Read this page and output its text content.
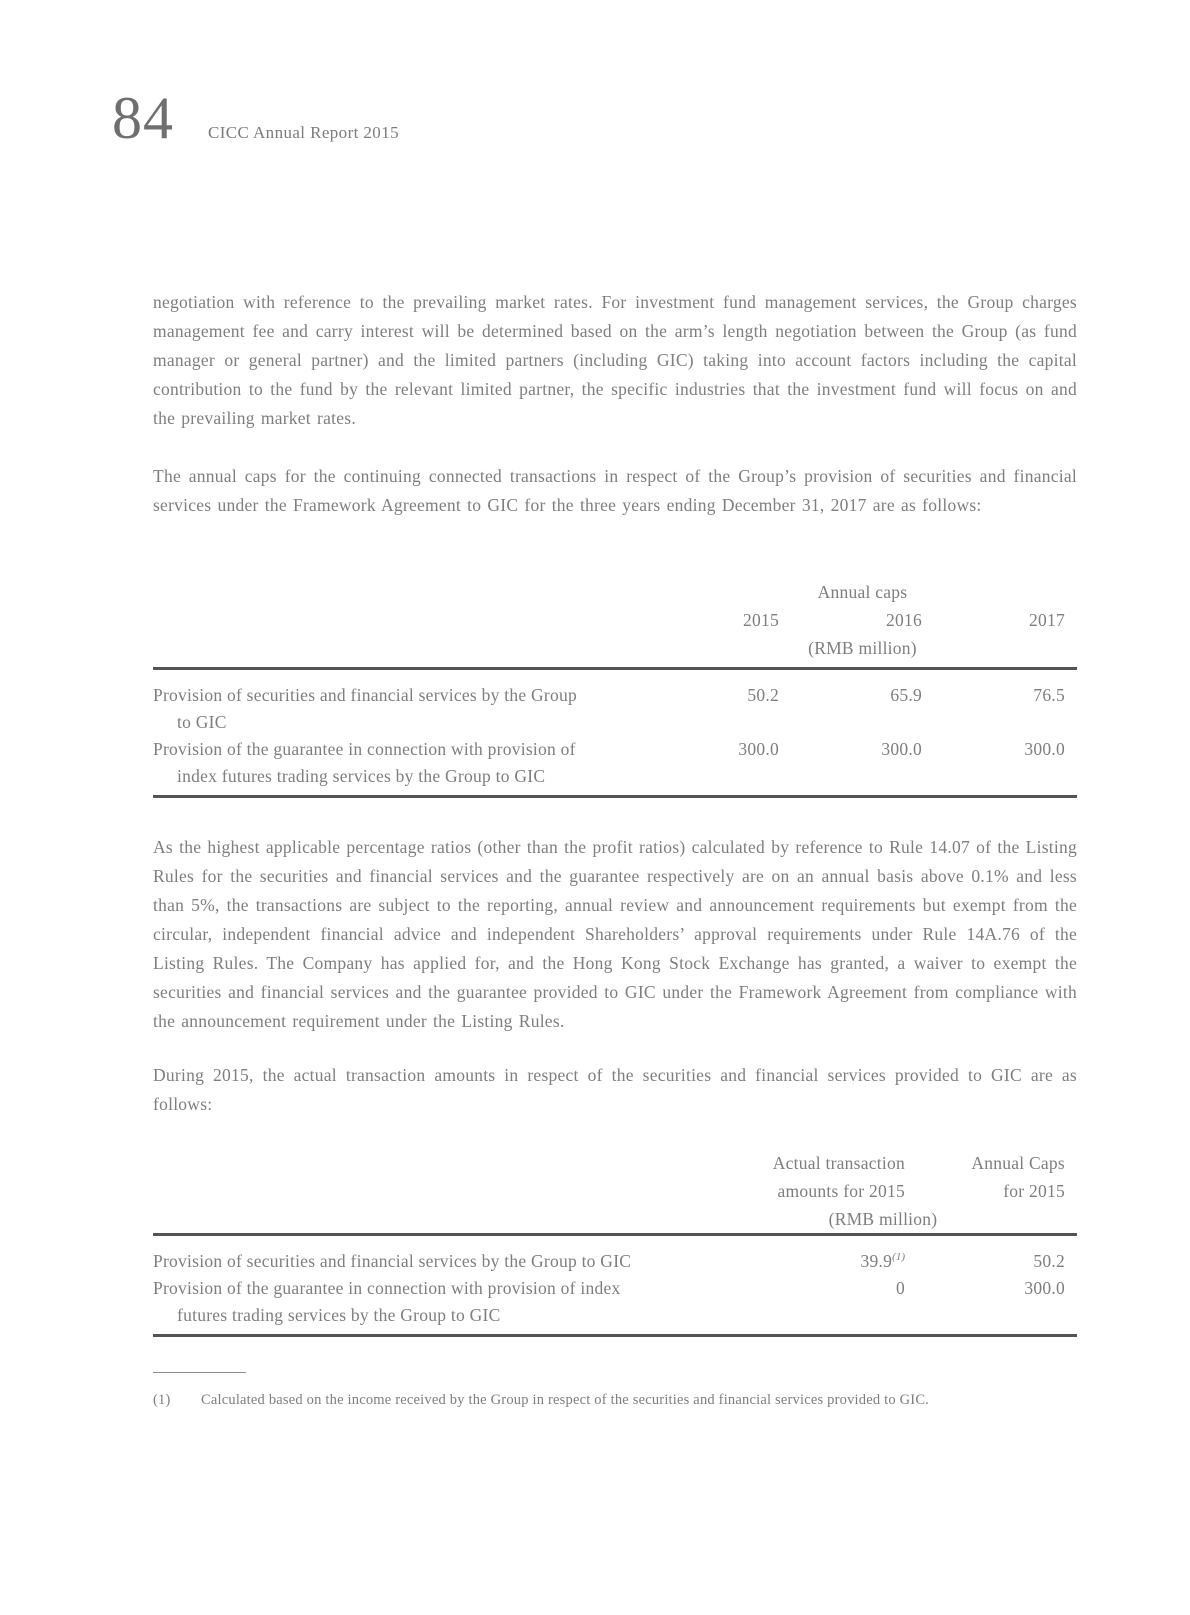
84 CICC Annual Report 2015
negotiation with reference to the prevailing market rates. For investment fund management services, the Group charges management fee and carry interest will be determined based on the arm’s length negotiation between the Group (as fund manager or general partner) and the limited partners (including GIC) taking into account factors including the capital contribution to the fund by the relevant limited partner, the specific industries that the investment fund will focus on and the prevailing market rates.
The annual caps for the continuing connected transactions in respect of the Group’s provision of securities and financial services under the Framework Agreement to GIC for the three years ending December 31, 2017 are as follows:
Annual caps
2015	2016	2017
(RMB million)
Provision of securities and financial services by the Group
to GIC
50.2	65.9	76.5
Provision of the guarantee in connection with provision of
index futures trading services by the Group to GIC
300.0	300.0	300.0
As the highest applicable percentage ratios (other than the profit ratios) calculated by reference to Rule 14.07 of the Listing Rules for the securities and financial services and the guarantee respectively are on an annual basis above 0.1% and less than 5%, the transactions are subject to the reporting, annual review and announcement requirements but exempt from the circular, independent financial advice and independent Shareholders’ approval requirements under Rule 14A.76 of the Listing Rules. The Company has applied for, and the Hong Kong Stock Exchange has granted, a waiver to exempt the securities and financial services and the guarantee provided to GIC under the Framework Agreement from compliance with the announcement requirement under the Listing Rules.
During 2015, the actual transaction amounts in respect of the securities and financial services provided to GIC are as follows:
Actual transaction
amounts for 2015
Annual Caps
for 2015
(RMB million)
Provision of securities and financial services by the Group to GIC	39.9$^{(1)}$	50.2
Provision of the guarantee in connection with provision of index
futures trading services by the Group to GIC
0	300.0
(1)	Calculated based on the income received by the Group in respect of the securities and financial services provided to GIC.
